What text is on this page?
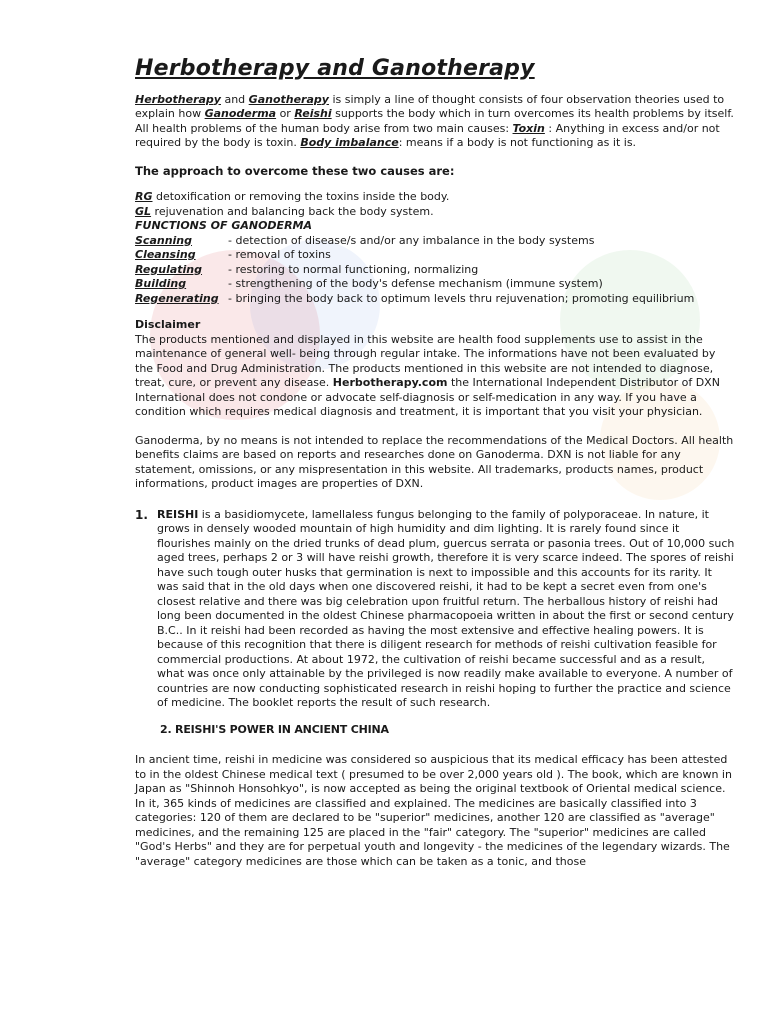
Herbotherapy and Ganotherapy

Herbotherapy and Ganotherapy is simply a line of thought consists of four observation theories used to explain how Ganoderma or Reishi supports the body which in turn overcomes its health problems by itself. All health problems of the human body arise from two main causes: Toxin : Anything in excess and/or not required by the body is toxin. Body imbalance: means if a body is not functioning as it is.

The approach to overcome these two causes are:

RG detoxification or removing the toxins inside the body.

GL rejuvenation and balancing back the body system.

FUNCTIONS OF GANODERMA

Scanning	- detection of disease/s and/or any imbalance in the body systems
Cleansing	- removal of toxins
Regulating	- restoring to normal functioning, normalizing
Building	- strengthening of the body's defense mechanism (immune system)
Regenerating - bringing the body back to optimum levels thru rejuvenation; promoting equilibrium

Disclaimer

The products mentioned and displayed in this website are health food supplements use to assist in the maintenance of general well- being through regular intake. The informations have not been evaluated by the Food and Drug Administration. The products mentioned in this website are not intended to diagnose, treat, cure, or prevent any disease. Herbotherapy.com the International Independent Distributor of DXN International does not condone or advocate self-diagnosis or self-medication in any way. If you have a condition which requires medical diagnosis and treatment, it is important that you visit your physician.

Ganoderma, by no means is not intended to replace the recommendations of the Medical Doctors. All health benefits claims are based on reports and researches done on Ganoderma. DXN is not liable for any statement, omissions, or any mispresentation in this website. All trademarks, products names, product informations, product images are properties of DXN.

1. REISHI is a basidiomycete, lamellaless fungus belonging to the family of polyporaceae. In nature, it grows in densely wooded mountain of high humidity and dim lighting. It is rarely found since it flourishes mainly on the dried trunks of dead plum, guercus serrata or pasonia trees. Out of 10,000 such aged trees, perhaps 2 or 3 will have reishi growth, therefore it is very scarce indeed. The spores of reishi have such tough outer husks that germination is next to impossible and this accounts for its rarity. It was said that in the old days when one discovered reishi, it had to be kept a secret even from one's closest relative and there was big celebration upon fruitful return. The herballous history of reishi had long been documented in the oldest Chinese pharmacopoeia written in about the first or second century B.C.. In it reishi had been recorded as having the most extensive and effective healing powers. It is because of this recognition that there is diligent research for methods of reishi cultivation feasible for commercial productions. At about 1972, the cultivation of reishi became successful and as a result, what was once only attainable by the privileged is now readily make available to everyone. A number of countries are now conducting sophisticated research in reishi hoping to further the practice and science of medicine. The booklet reports the result of such research.

2. REISHI'S POWER IN ANCIENT CHINA

In ancient time, reishi in medicine was considered so auspicious that its medical efficacy has been attested to in the oldest Chinese medical text ( presumed to be over 2,000 years old ). The book, which are known in Japan as "Shinnoh Honsohkyo", is now accepted as being the original textbook of Oriental medical science. In it, 365 kinds of medicines are classified and explained. The medicines are basically classified into 3 categories: 120 of them are declared to be "superior" medicines, another 120 are classified as "average" medicines, and the remaining 125 are placed in the "fair" category. The "superior" medicines are called "God's Herbs" and they are for perpetual youth and longevity - the medicines of the legendary wizards. The "average" category medicines are those which can be taken as a tonic, and those
